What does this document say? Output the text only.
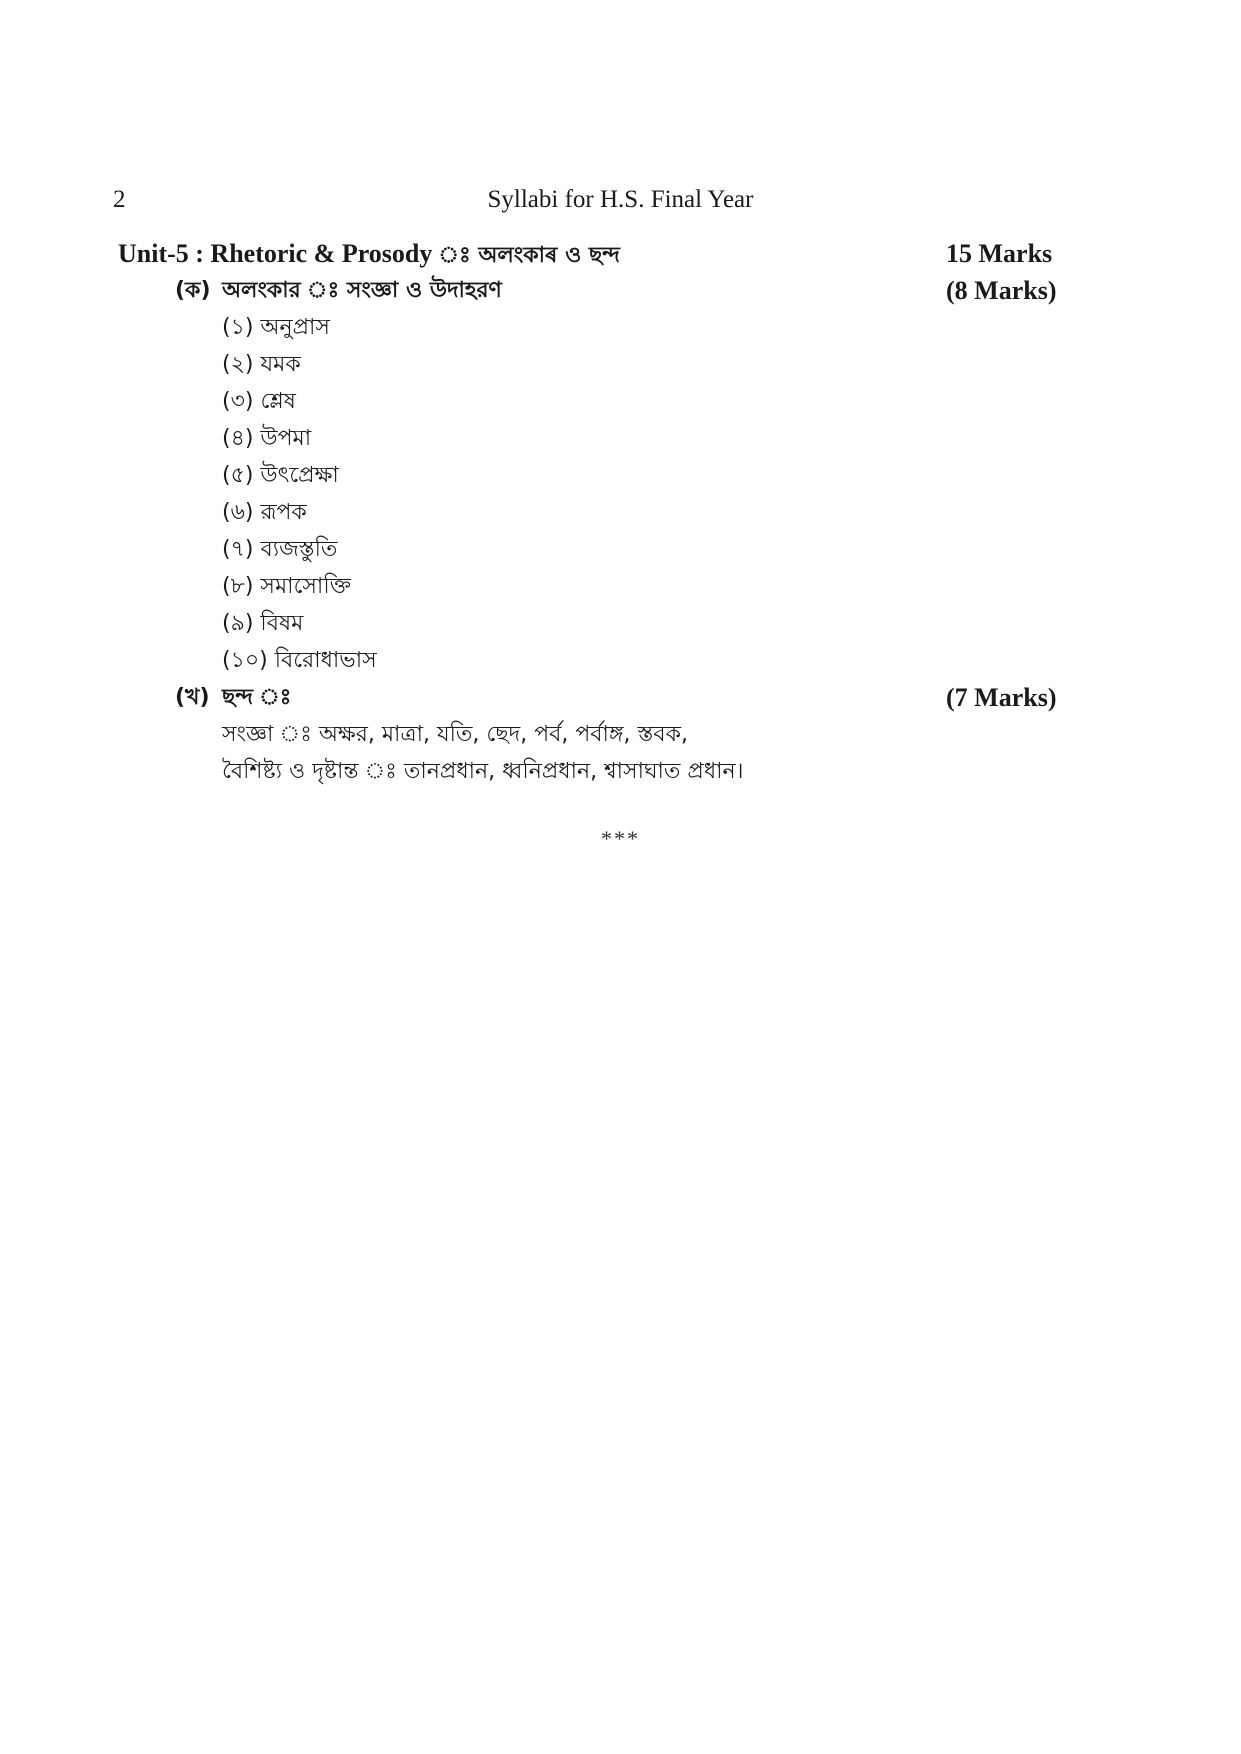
2	Syllabi for H.S. Final Year
Unit-5 : Rhetoric & Prosody ঃ অলংকাৰ ও ছন্দ	15 Marks
(ক) অলংকার ঃ সংজ্ঞা ও উদাহরণ	(8 Marks)
(১) অনুপ্রাস
(২) যমক
(৩) শ্লেষ
(৪) উপমা
(৫) উৎপ্রেক্ষা
(৬) রূপক
(৭) ব্যজস্তুতি
(৮) সমাসোক্তি
(৯) বিষম
(১০) বিরোধাভাস
(খ) ছন্দ ঃ	(7 Marks)
সংজ্ঞা ঃ অক্ষর, মাত্রা, যতি, ছেদ, পর্ব, পর্বাঙ্গ, স্তবক,
বৈশিষ্ট্য ও দৃষ্টান্ত ঃ তানপ্রধান, ধ্বনিপ্রধান, শ্বাসাঘাত প্রধান।
***
